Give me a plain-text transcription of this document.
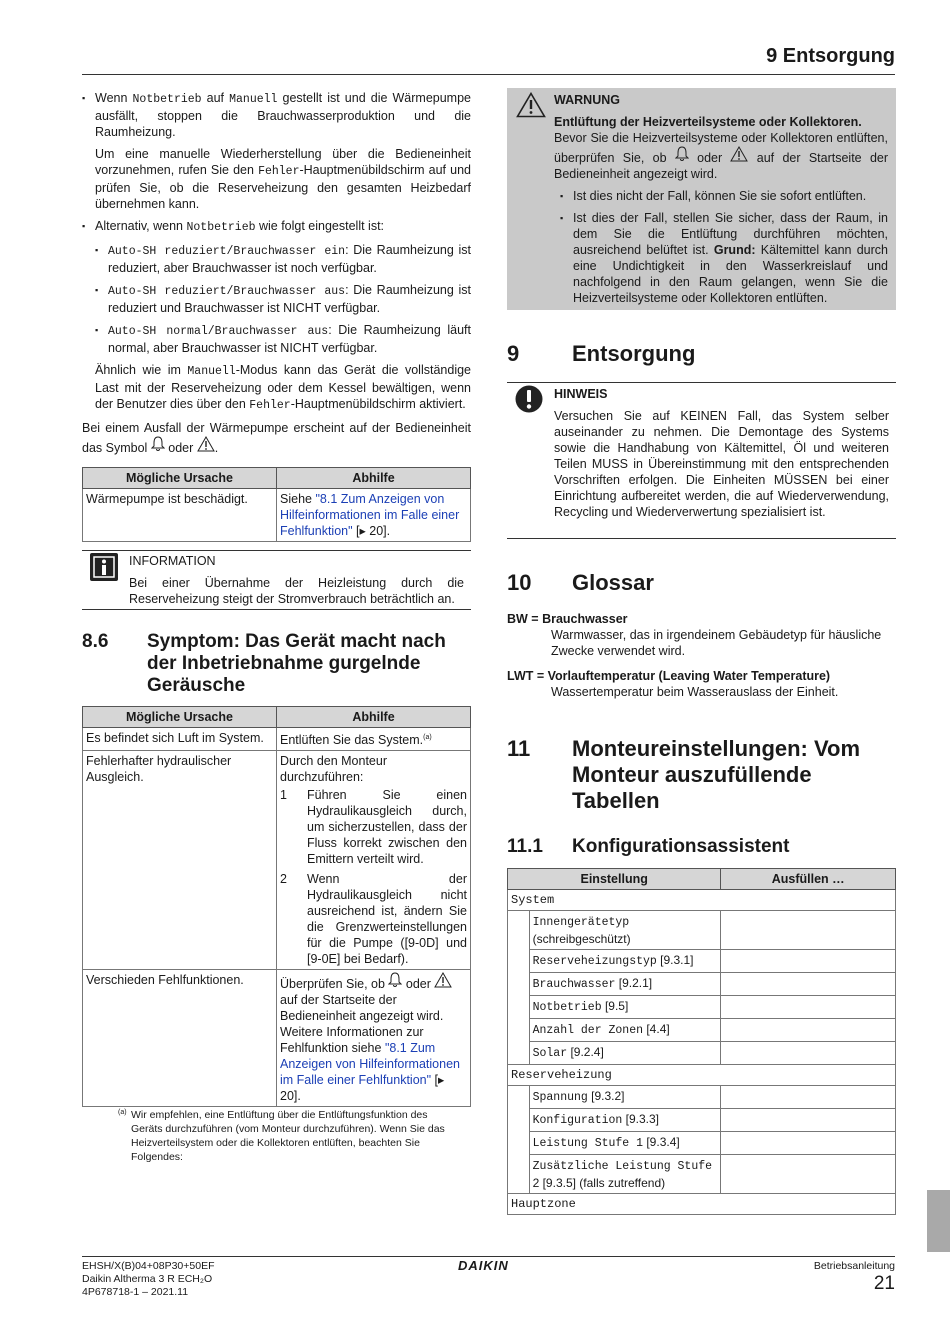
9 Entsorgung
▪ Wenn Notbetrieb auf Manuell gestellt ist und die Wärmepumpe ausfällt, stoppen die Brauchwasserproduktion und die Raumheizung.

Um eine manuelle Wiederherstellung über die Bedieneinheit vorzunehmen, rufen Sie den Fehler-Hauptmenübildschirm auf und prüfen Sie, ob die Reserveheizung den gesamten Heizbedarf übernehmen kann.

▪ Alternativ, wenn Notbetrieb wie folgt eingestellt ist:
▪ Auto-SH reduziert/Brauchwasser ein: Die Raumheizung ist reduziert, aber Brauchwasser ist noch verfügbar.
▪ Auto-SH reduziert/Brauchwasser aus: Die Raumheizung ist reduziert und Brauchwasser ist NICHT verfügbar.
▪ Auto-SH normal/Brauchwasser aus: Die Raumheizung läuft normal, aber Brauchwasser ist NICHT verfügbar.

Ähnlich wie im Manuell-Modus kann das Gerät die vollständige Last mit der Reserveheizung oder dem Kessel bewältigen, wenn der Benutzer dies über den Fehler-Hauptmenübildschirm aktiviert.

Bei einem Ausfall der Wärmepumpe erscheint auf der Bedieneinheit das Symbol  oder .

Mögliche Ursache	Abhilfe
Wärmepumpe ist beschädigt.	Siehe "8.1 Zum Anzeigen von Hilfeinformationen im Falle einer Fehlfunktion" [▸ 20].
INFORMATION
Bei einer Übernahme der Heizleistung durch die Reserveheizung steigt der Stromverbrauch beträchtlich an.
8.6 Symptom: Das Gerät macht nach der Inbetriebnahme gurgelnde Geräusche
Mögliche Ursache	Abhilfe
Es befindet sich Luft im System.	Entlüften Sie das System.$^{(a)}$
Fehlerhafter hydraulischer Ausgleich.	Durch den Monteur durchzuführen:
1 Führen Sie einen Hydraulikausgleich durch, um sicherzustellen, dass der Fluss korrekt zwischen den Emittern verteilt wird.
2 Wenn der Hydraulikausgleich nicht ausreichend ist, ändern Sie die Grenzwerteinstellungen für die Pumpe ([9-0D] und [9-0E] bei Bedarf).

Verschieden Fehlfunktionen.	Überprüfen Sie, ob  oder  auf der Startseite der Bedieneinheit angezeigt wird. Weitere Informationen zur Fehlfunktion siehe "8.1 Zum Anzeigen von Hilfeinformationen im Falle einer Fehlfunktion" [▸ 20].
(a) Wir empfehlen, eine Entlüftung über die Entlüftungsfunktion des Geräts durchzuführen (vom Monteur durchzuführen). Wenn Sie das Heizverteilsystem oder die Kollektoren entlüften, beachten Sie Folgendes:
WARNUNG
Entlüftung der Heizverteilsysteme oder Kollektoren.
Bevor Sie die Heizverteilsysteme oder Kollektoren entlüften, überprüfen Sie, ob  oder  auf der Startseite der Bedieneinheit angezeigt wird.
▪ Ist dies nicht der Fall, können Sie sie sofort entlüften.
▪ Ist dies der Fall, stellen Sie sicher, dass der Raum, in dem Sie die Entlüftung durchführen möchten, ausreichend belüftet ist. Grund: Kältemittel kann durch eine Undichtigkeit in den Wasserkreislauf und nachfolgend in den Raum gelangen, wenn Sie die Heizverteilsysteme oder Kollektoren entlüften.
9 Entsorgung
HINWEIS
Versuchen Sie auf KEINEN Fall, das System selber auseinander zu nehmen. Die Demontage des Systems sowie die Handhabung von Kältemittel, Öl und weiteren Teilen MUSS in Übereinstimmung mit den entsprechenden Vorschriften erfolgen. Die Einheiten MÜSSEN bei einer Einrichtung aufbereitet werden, die auf Wiederverwendung, Recycling und Wiederverwertung spezialisiert ist.
10 Glossar
BW = Brauchwasser
Warmwasser, das in irgendeinem Gebäudetyp für häusliche Zwecke verwendet wird.
LWT = Vorlauftemperatur (Leaving Water Temperature)
Wassertemperatur beim Wasserauslass der Einheit.
11 Monteureinstellungen: Vom Monteur auszufüllende Tabellen
11.1 Konfigurationsassistent
Einstellung		Ausfüllen …
System		
	Innengerätetyp
(schreibgeschützt)	
	Reserveheizungstyp [9.3.1]	
	Brauchwasser [9.2.1]	
	Notbetrieb [9.5]	
	Anzahl der Zonen [4.4]	
	Solar [9.2.4]	
Reserveheizung		
	Spannung [9.3.2]	
	Konfiguration [9.3.3]	
	Leistung Stufe 1 [9.3.4]	
	Zusätzliche Leistung Stufe
2 [9.3.5] (falls zutreffend)	
Hauptzone		
EHSH/X(B)04+08P30+50EF
Daikin Altherma 3 R ECH₂O
4P678718-1 – 2021.11
DAIKIN	Betriebsanleitung
21
